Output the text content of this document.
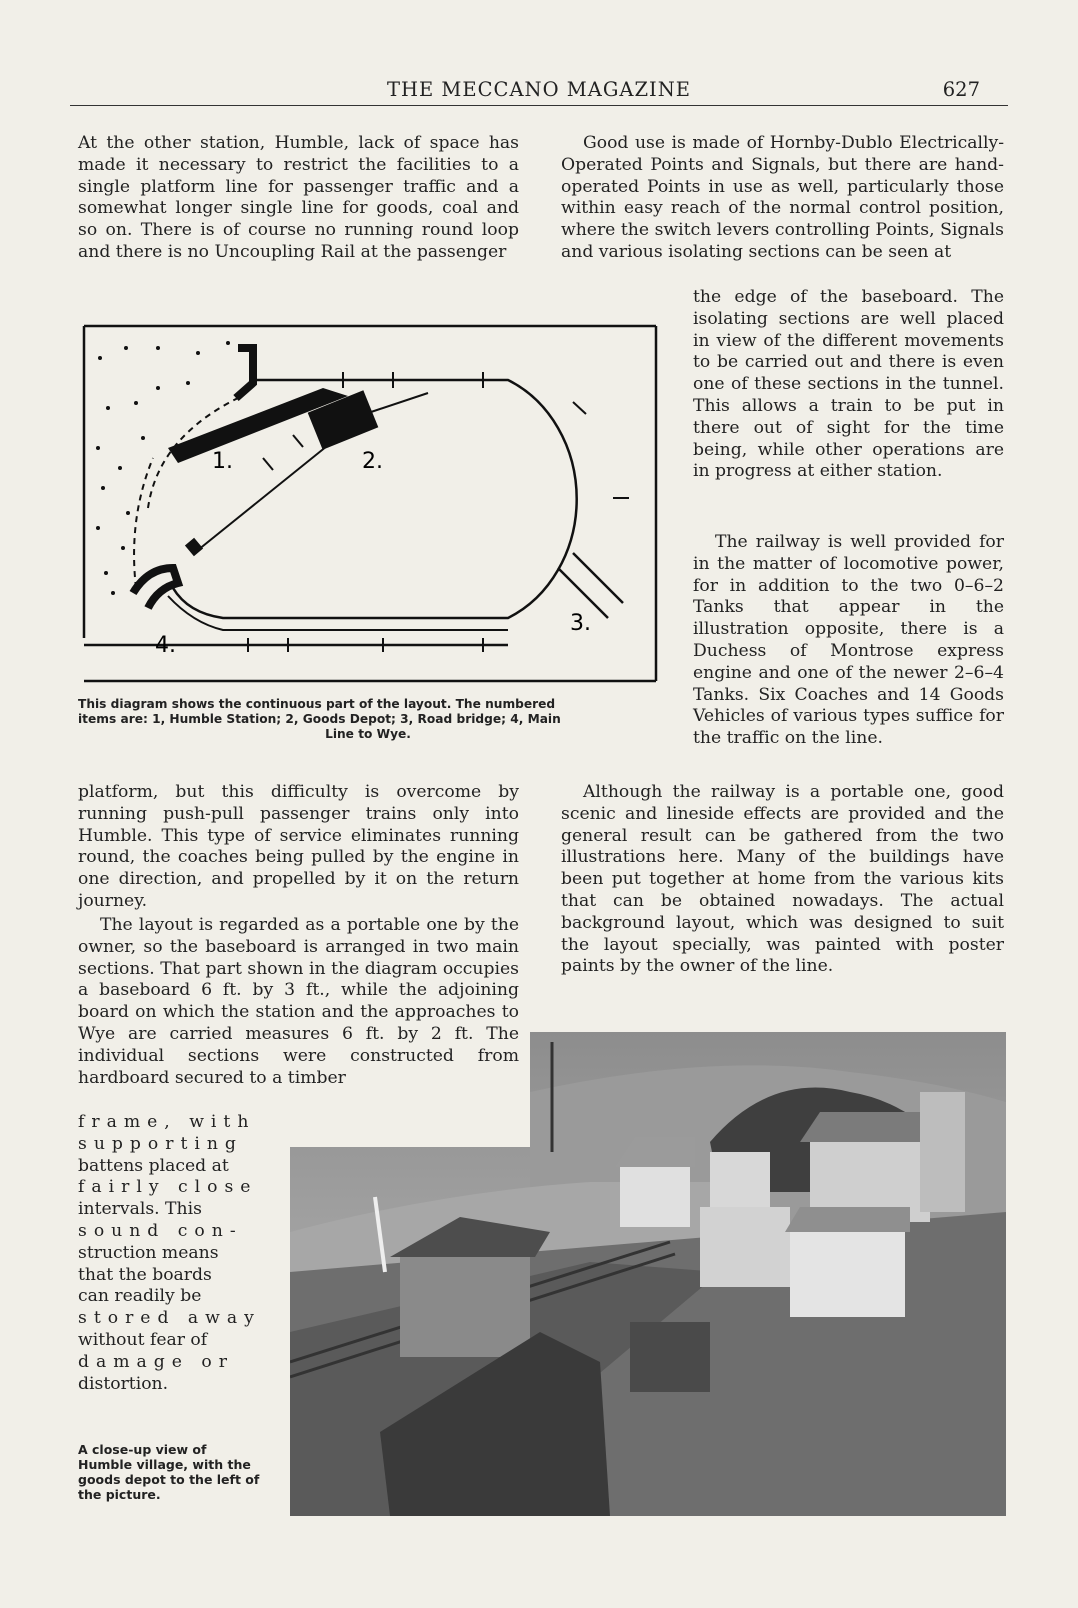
THE MECCANO MAGAZINE	627

At the other station, Humble, lack of space has made it necessary to restrict the facilities to a single platform line for passenger traffic and a somewhat longer single line for goods, coal and so on. There is of course no running round loop and there is no Uncoupling Rail at the passenger

Good use is made of Hornby-Dublo Electrically-Operated Points and Signals, but there are hand-operated Points in use as well, particularly those within easy reach of the normal control position, where the switch levers controlling Points, Signals and various isolating sections can be seen at

the edge of the baseboard. The isolating sections are well placed in view of the different movements to be carried out and there is even one of these sections in the tunnel. This allows a train to be put in there out of sight for the time being, while other operations are in progress at either station.

The railway is well provided for in the matter of locomotive power, for in addition to the two 0–6–2 Tanks that appear in the illustration opposite, there is a Duchess of Montrose express engine and one of the newer 2–6–4 Tanks. Six Coaches and 14 Goods Vehicles of various types suffice for the traffic on the line.

1.	2.
3.
4.
This diagram shows the continuous part of the layout. The numbered
items are: 1, Humble Station; 2, Goods Depot; 3, Road bridge; 4, Main
Line to Wye.

platform, but this difficulty is overcome by running push-pull passenger trains only into Humble. This type of service eliminates running round, the coaches being pulled by the engine in one direction, and propelled by it on the return journey.

The layout is regarded as a portable one by the owner, so the baseboard is arranged in two main sections. That part shown in the diagram occupies a baseboard 6 ft. by 3 ft., while the adjoining board on which the station and the approaches to Wye are carried measures 6 ft. by 2 ft. The individual sections were constructed from hardboard secured to a timber

frame, with
supporting
battens placed at
fairly close
intervals. This
sound con-
struction means
that the boards
can readily be
stored away
without fear of
damage or
distortion.

Although the railway is a portable one, good scenic and lineside effects are provided and the general result can be gathered from the two illustrations here. Many of the buildings have been put together at home from the various kits that can be obtained nowadays. The actual background layout, which was designed to suit the layout specially, was painted with poster paints by the owner of the line.

A close-up view of Humble village, with the goods depot to the left of the picture.
